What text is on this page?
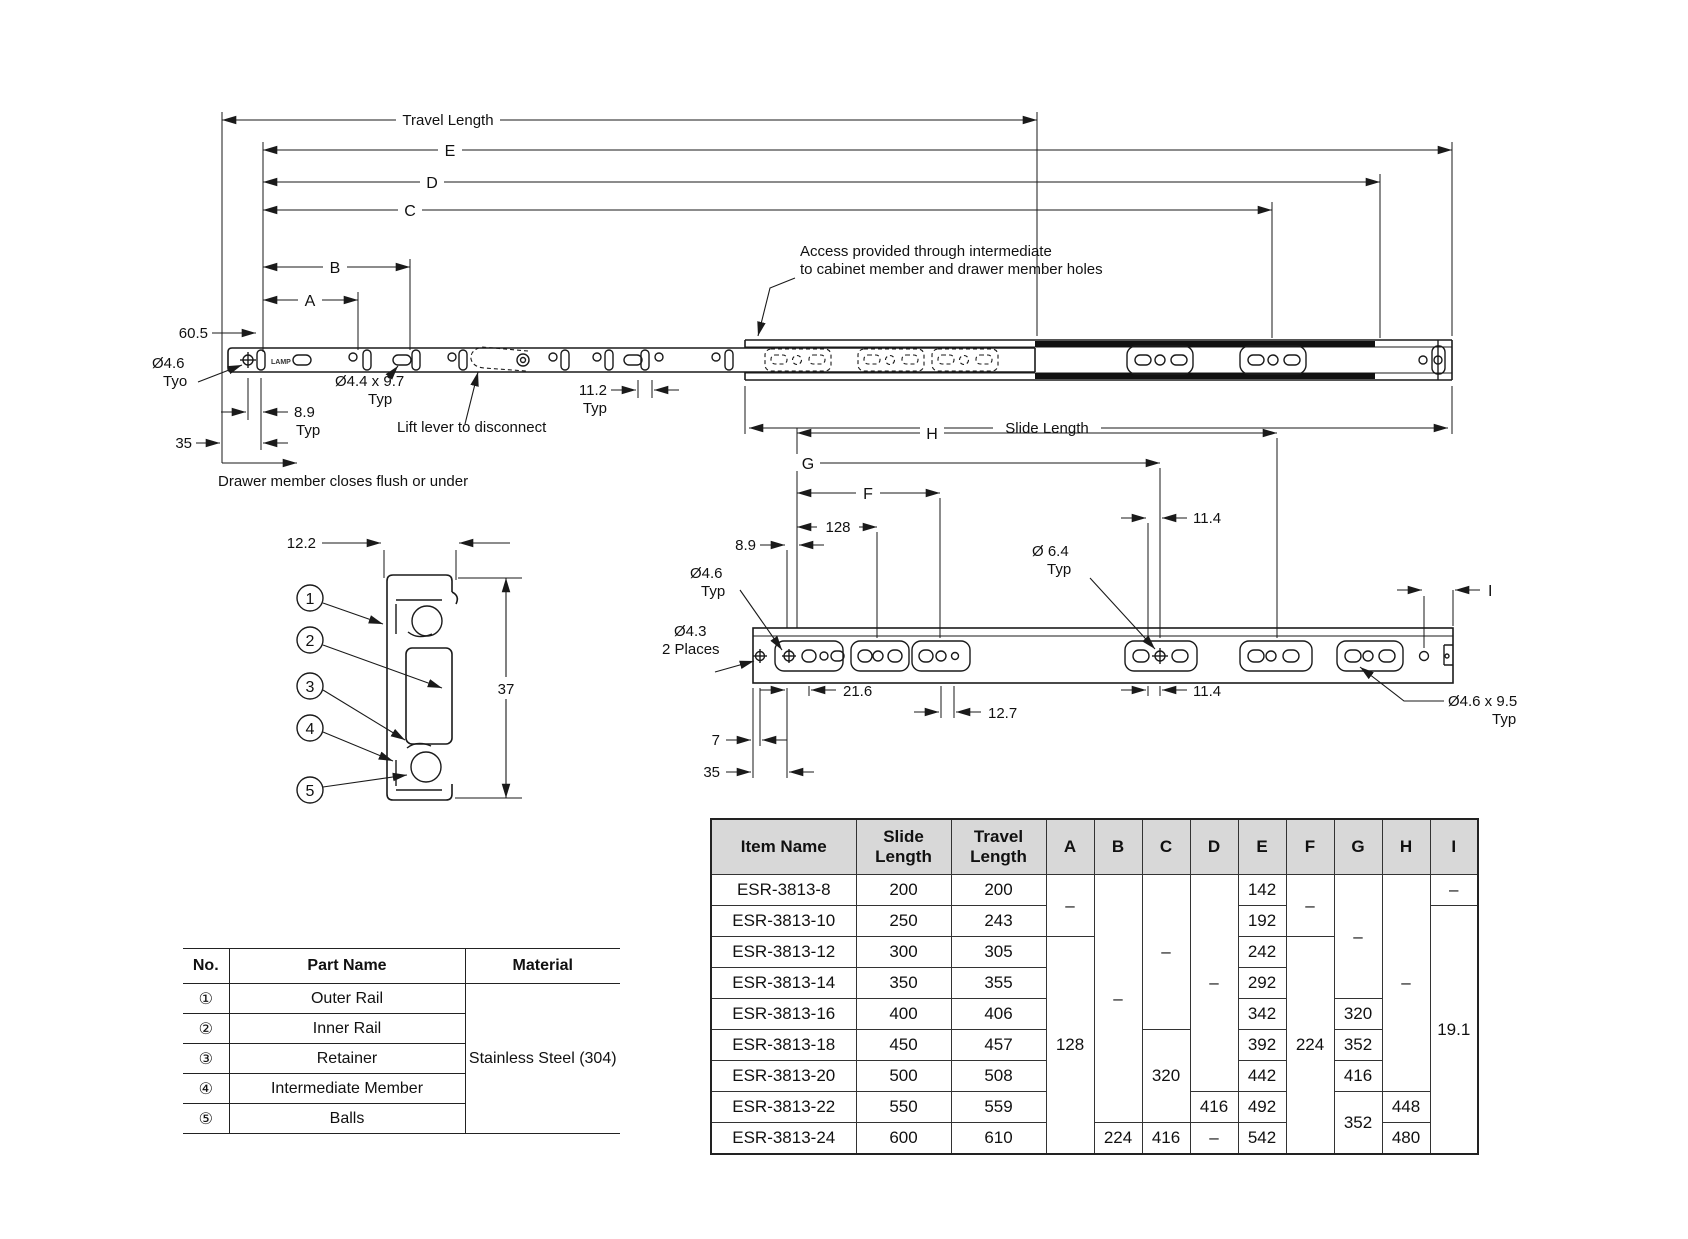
Travel Length
E
D
C
B
A
60.5
8.9
Typ
35
Drawer member closes flush or under
11.2
Typ
Slide Length
Ø4.6
Tyo	Ø4.4 x 9.7
Typ
Lift lever to disconnect
Access provided through intermediate
to cabinet member and drawer member holes
LAMP
H
G
F
128
8.9
11.4
Ø 6.4
Typ
Ø4.6
Typ
Ø4.3
2 Places
21.6
12.7
11.4
7
35
Ø4.6 x 9.5
Typ
I
12.2
37
1
2
3
4
5
No.	Part Name	Material
①	Outer Rail	Stainless Steel (304)
②	Inner Rail	
③	Retainer	
④	Intermediate Member	
⑤	Balls	
Item Name	Slide Length	Travel Length	A	B	C	D	E	F	G	H	I
ESR-3813-8	200	200	–	–	–	–	142	–	–	–	–
ESR-3813-10	250	243					192				19.1
ESR-3813-12	300	305	128				242	224			
ESR-3813-14	350	355					292				
ESR-3813-16	400	406					342		320		
ESR-3813-18	450	457			320		392		352		
ESR-3813-20	500	508					442		416		
ESR-3813-22	550	559				416	492		352	448	
ESR-3813-24	600	610		224	416	–	542			480	
